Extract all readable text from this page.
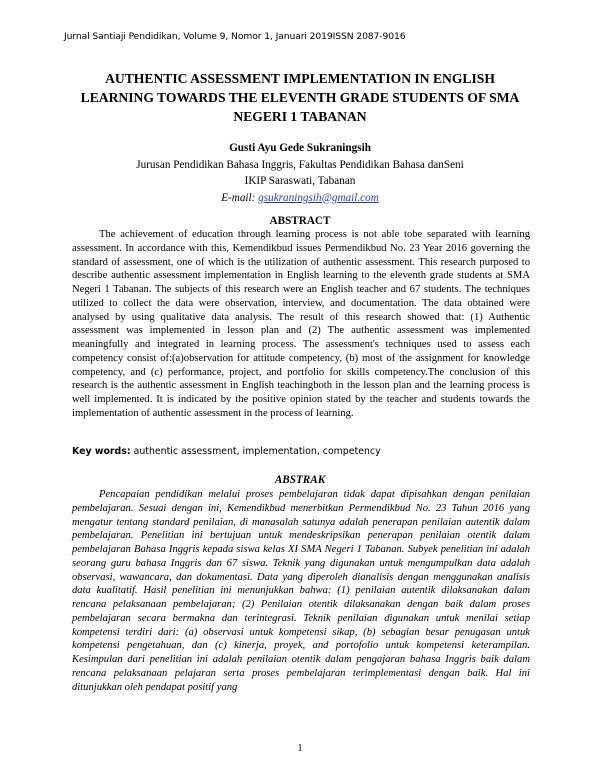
Jurnal Santiaji Pendidikan, Volume 9, Nomor 1, Januari 2019ISSN 2087-9016
AUTHENTIC ASSESSMENT IMPLEMENTATION IN ENGLISH LEARNING TOWARDS THE ELEVENTH GRADE STUDENTS OF SMA NEGERI 1 TABANAN
Gusti Ayu Gede Sukraningsih
Jurusan Pendidikan Bahasa Inggris, Fakultas Pendidikan Bahasa danSeni
IKIP Saraswati, Tabanan
E-mail: gsukraningsih@gmail.com
ABSTRACT

The achievement of education through learning process is not able tobe separated with learning assessment. In accordance with this, Kemendikbud issues Permendikbud No. 23 Year 2016 governing the standard of assessment, one of which is the utilization of authentic assessment. This research purposed to describe authentic assessment implementation in English learning to the eleventh grade students at SMA Negeri 1 Tabanan. The subjects of this research were an English teacher and 67 students. The techniques utilized to collect the data were observation, interview, and documentation. The data obtained were analysed by using qualitative data analysis. The result of this research showed that: (1) Authentic assessment was implemented in lesson plan and (2) The authentic assessment was implemented meaningfully and integrated in learning process. The assessment's techniques used to assess each competency consist of:(a)observation for attitude competency, (b) most of the assignment for knowledge competency, and (c) performance, project, and portfolio for skills competency.The conclusion of this research is the authentic assessment in English teachingboth in the lesson plan and the learning process is well implemented. It is indicated by the positive opinion stated by the teacher and students towards the implementation of authentic assessment in the process of learning.

Key words: authentic assessment, implementation, competency
ABSTRAK

Pencapaian pendidikan melalui proses pembelajaran tidak dapat dipisahkan dengan penilaian pembelajaran. Sesuai dengan ini, Kemendikbud menerbitkan Permendikbud No. 23 Tahun 2016 yang mengatur tentang standard penilaian, di manasalah satunya adalah penerapan penilaian autentik dalam pembelajaran. Penelitian ini bertujuan untuk mendeskripsikan penerapan penilaian otentik dalam pembelajaran Bahasa Inggris kepada siswa kelas XI SMA Negeri 1 Tabanan. Subyek penelitian ini adalah seorang guru bahasa Inggris dan 67 siswa. Teknik yang digunakan untuk mengumpulkan data adalah observasi, wawancara, dan dokumentasi. Data yang diperoleh dianalisis dengan menggunakan analisis data kualitatif. Hasil penelitian ini menunjukkan bahwa: (1) penilaian autentik dilaksanakan dalam rencana pelaksanaan pembelajaran; (2) Penilaian otentik dilaksanakan dengan baik dalam proses pembelajaran secara bermakna dan terintegrasi. Teknik penilaian digunakan untuk menilai setiap kompetensi terdiri dari: (a) observasi untuk kompetensi sikap, (b) sebagian besar penugasan untuk kompetensi pengetahuan, dan (c) kinerja, proyek, and portofolio untuk kompetensi keterampilan. Kesimpulan dari penelitian ini adalah penilaian otentik dalam pengajaran bahasa Inggris baik dalam rencana pelaksanaan pelajaran serta proses pembelajaran terimplementasi dengan baik. Hal ini ditunjukkan oleh pendapat positif yang

1
